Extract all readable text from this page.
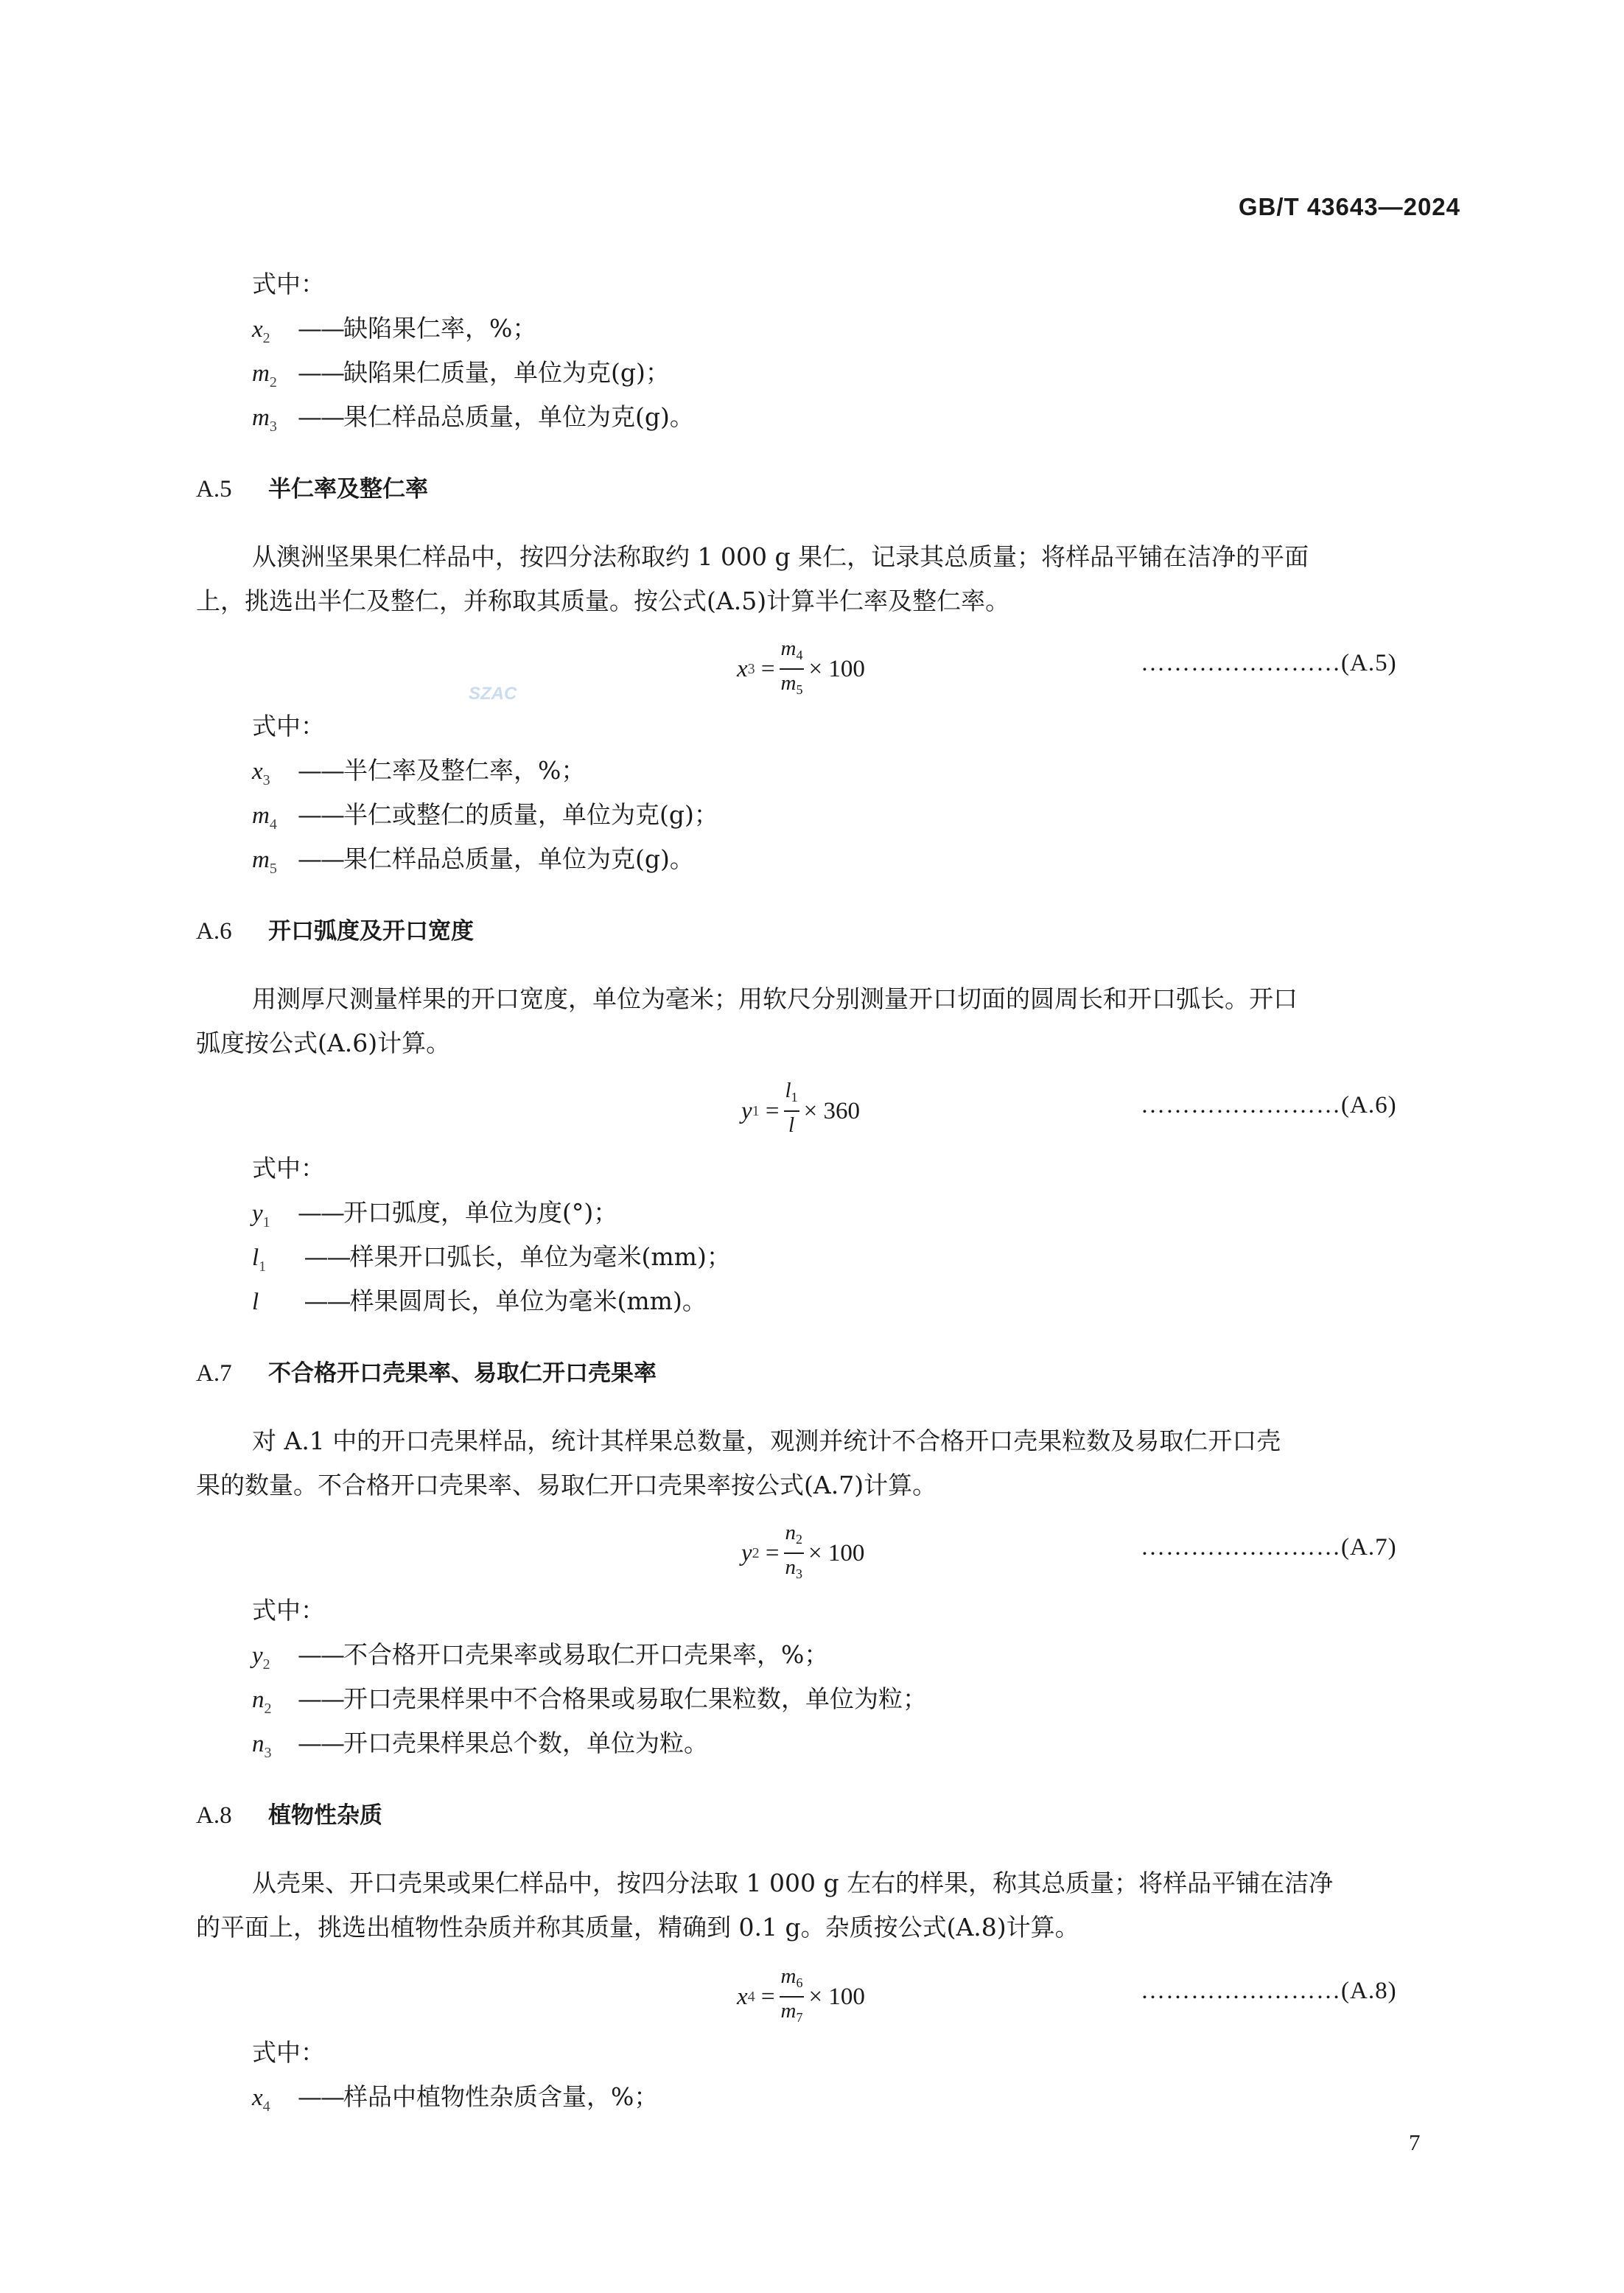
GB/T 43643—2024
SZAC
式中：
$x_2$ ——缺陷果仁率，%；
$m_2$ ——缺陷果仁质量，单位为克(g)；
$m_3$ ——果仁样品总质量，单位为克(g)。
A.5 半仁率及整仁率
从澳洲坚果果仁样品中，按四分法称取约 1 000 g 果仁，记录其总质量；将样品平铺在洁净的平面
上，挑选出半仁及整仁，并称取其质量。按公式(A.5)计算半仁率及整仁率。
x $3 = \frac{m_4}{m_5} \times 100$	……………………(A.5)
式中：
$x_3$ ——半仁率及整仁率，%；
$m_4$ ——半仁或整仁的质量，单位为克(g)；
$m_5$ ——果仁样品总质量，单位为克(g)。
A.6 开口弧度及开口宽度
用测厚尺测量样果的开口宽度，单位为毫米；用软尺分别测量开口切面的圆周长和开口弧长。开口
弧度按公式(A.6)计算。
y $1 = \frac{l_1}{l} \times 360$	……………………(A.6)
式中：
$y_1$ ——开口弧度，单位为度(°)；
$l_1$ ——样果开口弧长，单位为毫米(mm)；
l ——样果圆周长，单位为毫米(mm)。
A.7 不合格开口壳果率、易取仁开口壳果率
对 A.1 中的开口壳果样品，统计其样果总数量，观测并统计不合格开口壳果粒数及易取仁开口壳
果的数量。不合格开口壳果率、易取仁开口壳果率按公式(A.7)计算。
y $2 = \frac{n_2}{n_3} \times 100$	……………………(A.7)
式中：
$y_2$ ——不合格开口壳果率或易取仁开口壳果率，%；
$n_2$ ——开口壳果样果中不合格果或易取仁果粒数，单位为粒；
$n_3$ ——开口壳果样果总个数，单位为粒。
A.8 植物性杂质
从壳果、开口壳果或果仁样品中，按四分法取 1 000 g 左右的样果，称其总质量；将样品平铺在洁净
的平面上，挑选出植物性杂质并称其质量，精确到 0.1 g。杂质按公式(A.8)计算。
x $4 = \frac{m_6}{m_7} \times 100$	……………………(A.8)
式中：
$x_4$ ——样品中植物性杂质含量，%；
7
